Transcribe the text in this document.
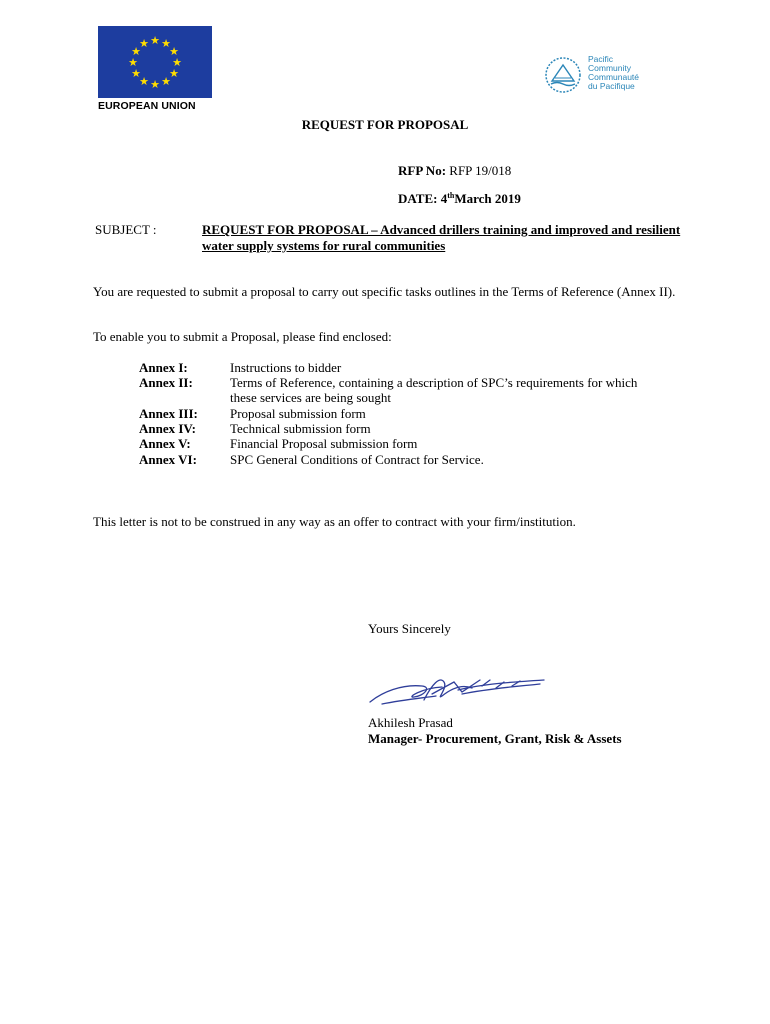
★ ★
★
★
★
★
★
★
★
★
★
★
EUROPEAN UNION
Pacific
Community
Communauté
du Pacifique
REQUEST FOR PROPOSAL
RFP No: RFP 19/018
DATE: 4thMarch 2019
SUBJECT :	REQUEST FOR PROPOSAL – Advanced drillers training and improved and resilient water supply systems for rural communities
You are requested to submit a proposal to carry out specific tasks outlines in the Terms of Reference (Annex II).
To enable you to submit a Proposal, please find enclosed:
Annex I:	Instructions to bidder
Annex II:	Terms of Reference, containing a description of SPC’s requirements for which these services are being sought
Annex III: Proposal submission form
Annex IV:	Technical submission form
Annex V:	Financial Proposal submission form
Annex VI:	SPC General Conditions of Contract for Service.
This letter is not to be construed in any way as an offer to contract with your firm/institution.
Yours Sincerely
Akhilesh Prasad
Manager- Procurement, Grant, Risk & Assets
